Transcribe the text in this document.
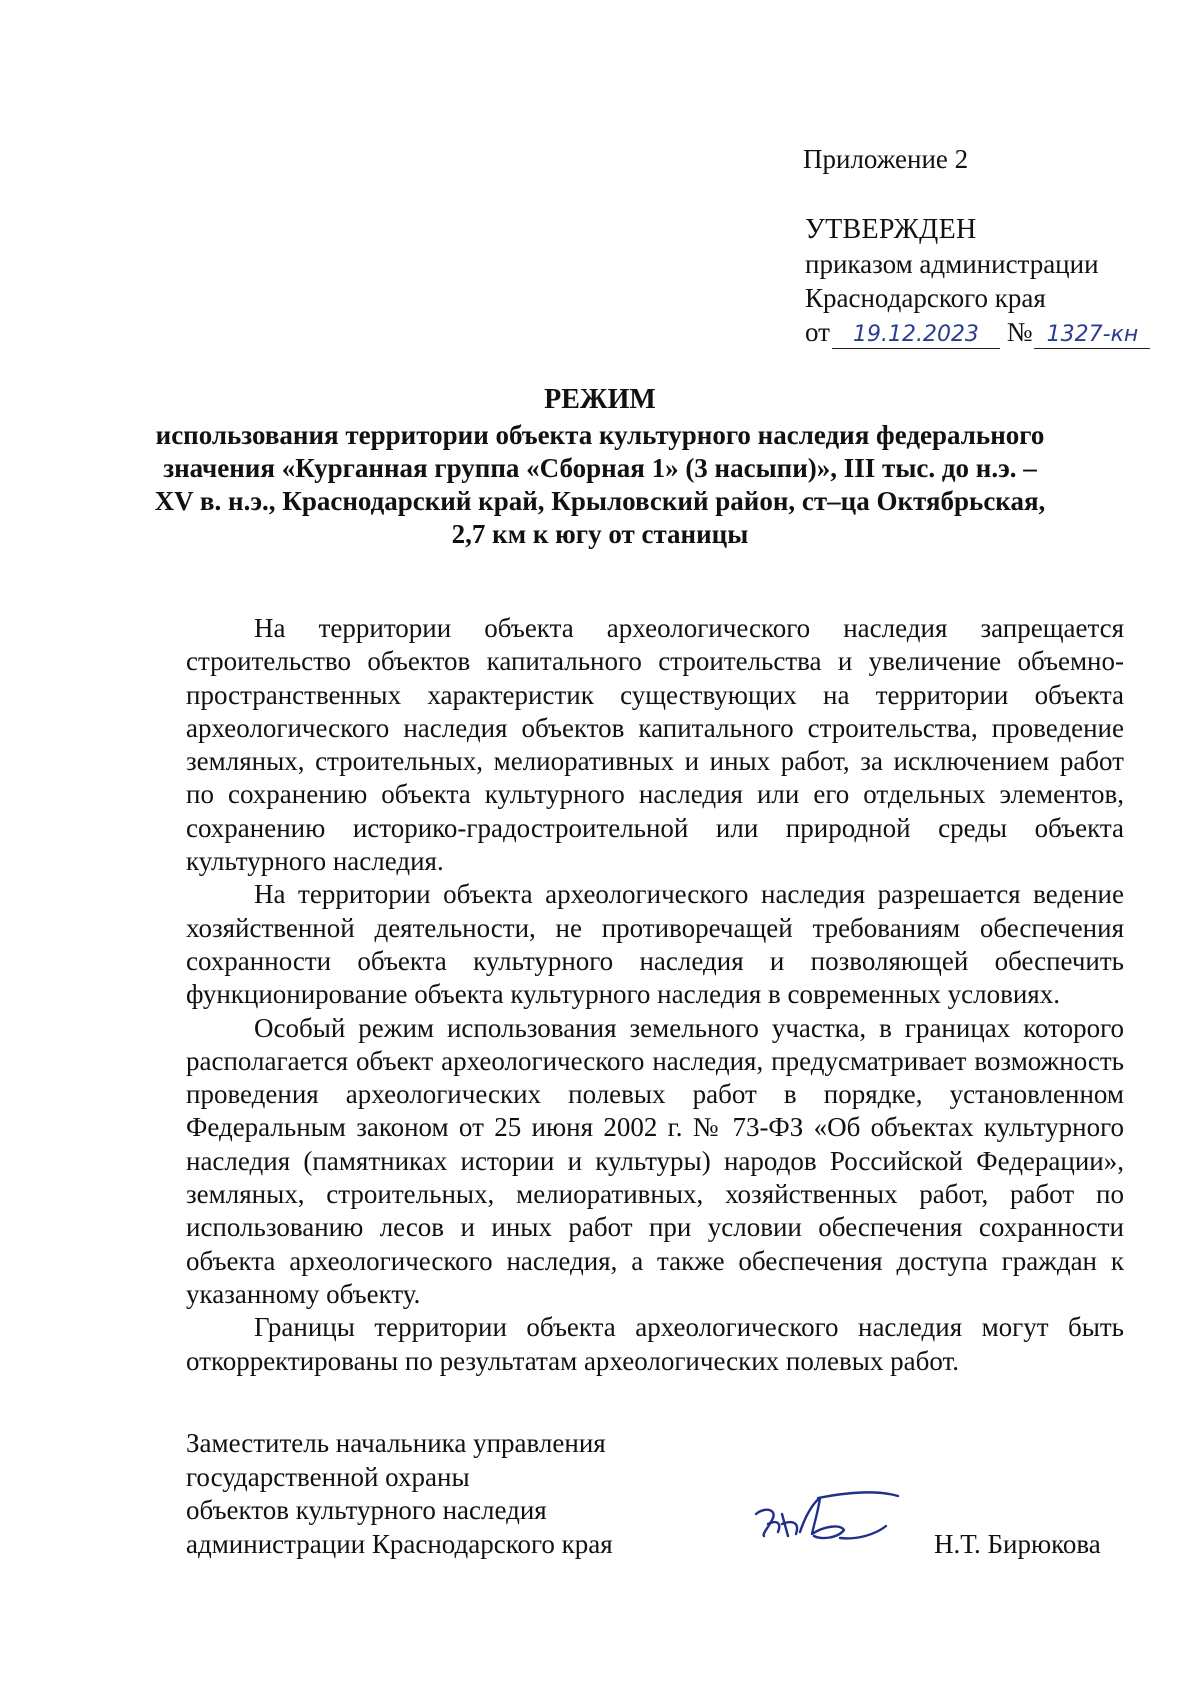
Приложение 2
УТВЕРЖДЕН
приказом администрации
Краснодарского края
от 19.12.2023 № 1327-кн
РЕЖИМ
использования территории объекта культурного наследия федерального
значения «Курганная группа «Сборная 1» (3 насыпи)», III тыс. до н.э. –
XV в. н.э., Краснодарский край, Крыловский район, ст–ца Октябрьская,
2,7 км к югу от станицы

На территории объекта археологического наследия запрещается строительство объектов капитального строительства и увеличение объемно-пространственных характеристик существующих на территории объекта археологического наследия объектов капитального строительства, проведение земляных, строительных, мелиоративных и иных работ, за исключением работ по сохранению объекта культурного наследия или его отдельных элементов, сохранению историко-градостроительной или природной среды объекта культурного наследия.

На территории объекта археологического наследия разрешается ведение хозяйственной деятельности, не противоречащей требованиям обеспечения сохранности объекта культурного наследия и позволяющей обеспечить функционирование объекта культурного наследия в современных условиях.

Особый режим использования земельного участка, в границах которого располагается объект археологического наследия, предусматривает возможность проведения археологических полевых работ в порядке, установленном Федеральным законом от 25 июня 2002 г. № 73-ФЗ «Об объектах культурного наследия (памятниках истории и культуры) народов Российской Федерации», земляных, строительных, мелиоративных, хозяйственных работ, работ по использованию лесов и иных работ при условии обеспечения сохранности объекта археологического наследия, а также обеспечения доступа граждан к указанному объекту.

Границы территории объекта археологического наследия могут быть откорректированы по результатам археологических полевых работ.

Заместитель начальника управления
государственной охраны
объектов культурного наследия
администрации Краснодарского края	Н.Т. Бирюкова
